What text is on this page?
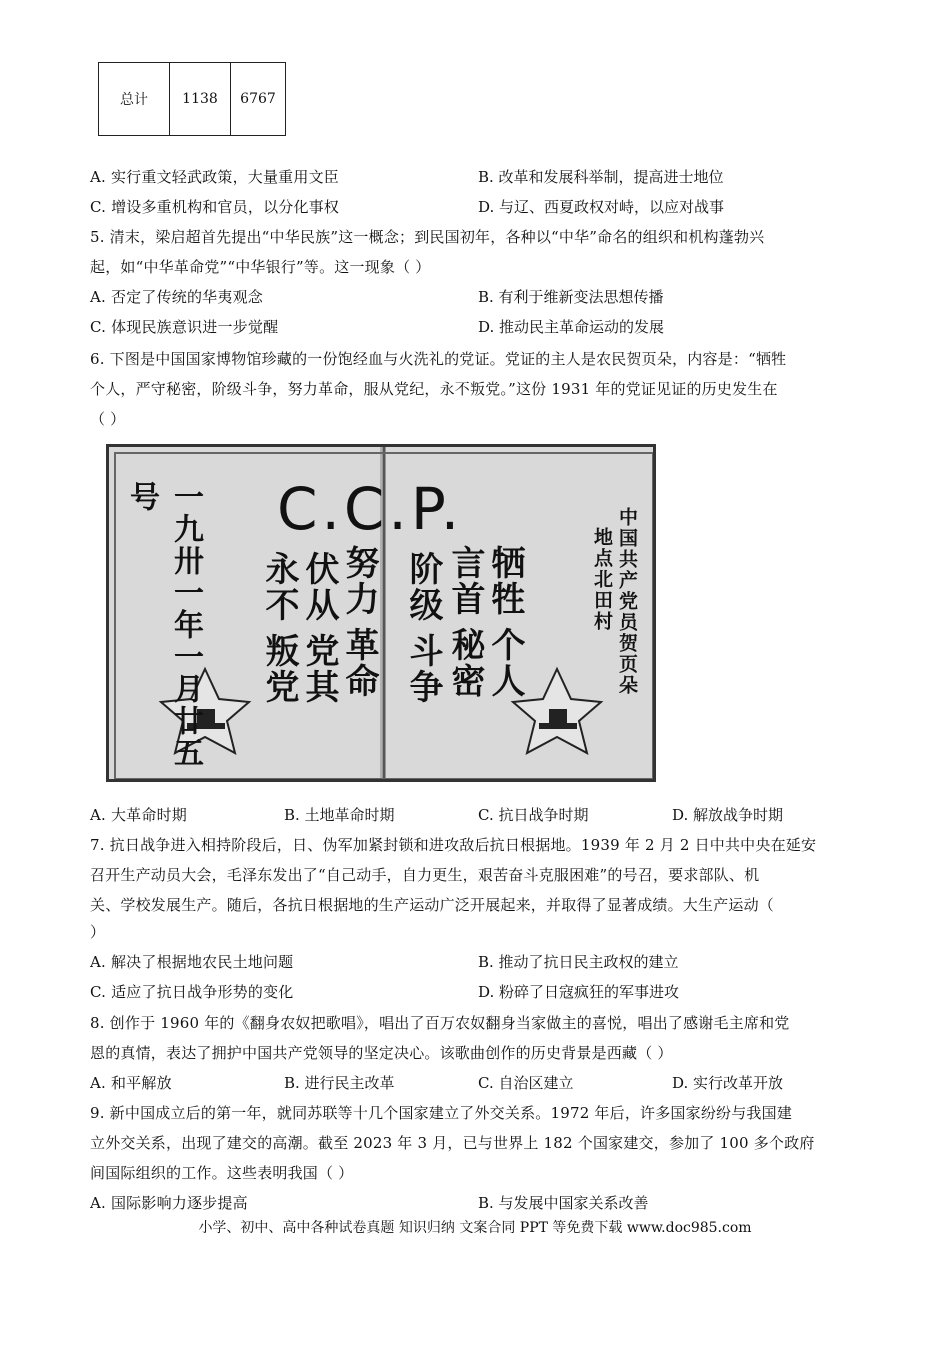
总计	1138	6767
A. 实行重文轻武政策，大量重用文臣	B. 改革和发展科举制，提高进士地位
C. 增设多重机构和官员，以分化事权	D. 与辽、西夏政权对峙，以应对战事
5. 清末，梁启超首先提出“中华民族”这一概念；到民国初年，各种以“中华”命名的组织和机构蓬勃兴
起，如“中华革命党”“中华银行”等。这一现象（ ）
A. 否定了传统的华夷观念	B. 有利于维新变法思想传播
C. 体现民族意识进一步觉醒	D. 推动民主革命运动的发展
6. 下图是中国国家博物馆珍藏的一份饱经血与火洗礼的党证。党证的主人是农民贺页朵，内容是：“牺牲
个人，严守秘密，阶级斗争，努力革命，服从党纪，永不叛党。”这份 1931 年的党证见证的历史发生在
（ ）
C.C.P.
一九卅一年一月廿五号
中国共产党员贺页朵
地点北田村
牺牲
个人
言首
秘密
阶级
斗争
努力
革命
伏从
党其
永不
叛党
A. 大革命时期	B. 土地革命时期	C. 抗日战争时期	D. 解放战争时期
7. 抗日战争进入相持阶段后，日、伪军加紧封锁和进攻敌后抗日根据地。1939 年 2 月 2 日中共中央在延安
召开生产动员大会，毛泽东发出了“自己动手，自力更生，艰苦奋斗克服困难”的号召，要求部队、机
关、学校发展生产。随后，各抗日根据地的生产运动广泛开展起来，并取得了显著成绩。大生产运动（
）
A. 解决了根据地农民土地问题	B. 推动了抗日民主政权的建立
C. 适应了抗日战争形势的变化	D. 粉碎了日寇疯狂的军事进攻
8. 创作于 1960 年的《翻身农奴把歌唱》，唱出了百万农奴翻身当家做主的喜悦，唱出了感谢毛主席和党
恩的真情，表达了拥护中国共产党领导的坚定决心。该歌曲创作的历史背景是西藏（ ）
A. 和平解放	B. 进行民主改革	C. 自治区建立	D. 实行改革开放
9. 新中国成立后的第一年，就同苏联等十几个国家建立了外交关系。1972 年后，许多国家纷纷与我国建
立外交关系，出现了建交的高潮。截至 2023 年 3 月，已与世界上 182 个国家建交，参加了 100 多个政府
间国际组织的工作。这些表明我国（ ）
A. 国际影响力逐步提高	B. 与发展中国家关系改善
小学、初中、高中各种试卷真题 知识归纳 文案合同 PPT 等免费下载 www.doc985.com
